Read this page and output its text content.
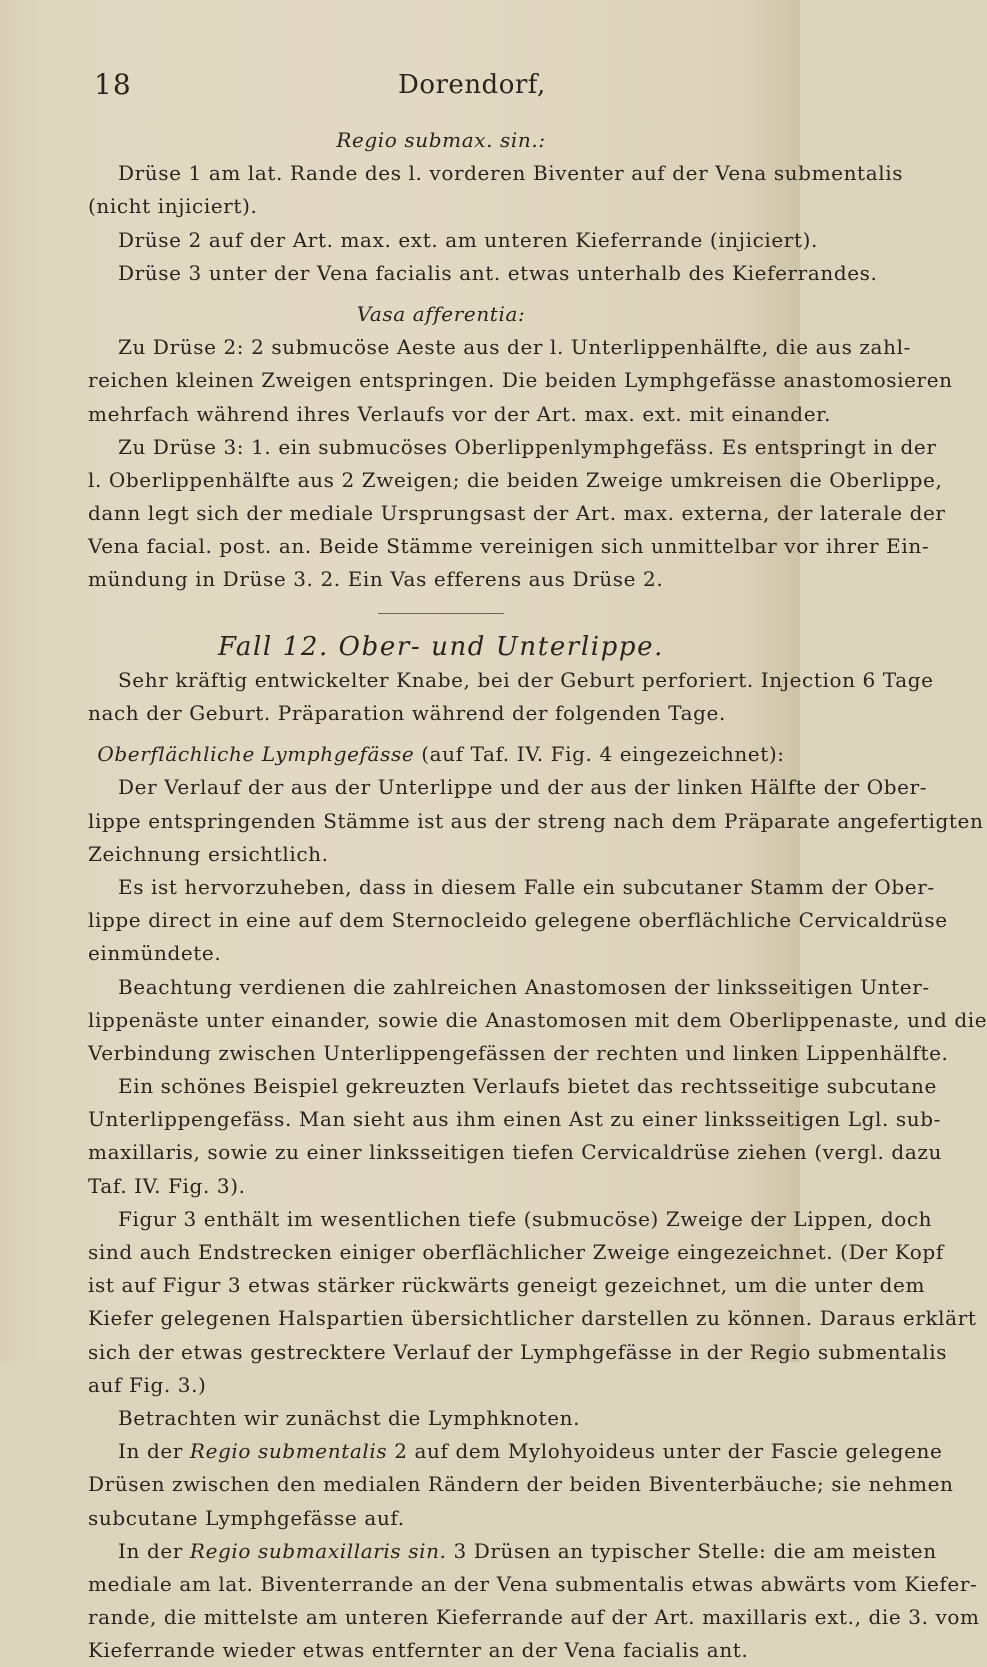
18	Dorendorf,
Regio submax. sin.:
Drüse 1 am lat. Rande des l. vorderen Biventer auf der Vena submentalis
(nicht injiciert).
Drüse 2 auf der Art. max. ext. am unteren Kieferrande (injiciert).
Drüse 3 unter der Vena facialis ant. etwas unterhalb des Kieferrandes.
Vasa afferentia:
Zu Drüse 2: 2 submucöse Aeste aus der l. Unterlippenhälfte, die aus zahl-
reichen kleinen Zweigen entspringen. Die beiden Lymphgefässe anastomosieren
mehrfach während ihres Verlaufs vor der Art. max. ext. mit einander.
Zu Drüse 3: 1. ein submucöses Oberlippenlymphgefäss. Es entspringt in der
l. Oberlippenhälfte aus 2 Zweigen; die beiden Zweige umkreisen die Oberlippe,
dann legt sich der mediale Ursprungsast der Art. max. externa, der laterale der
Vena facial. post. an. Beide Stämme vereinigen sich unmittelbar vor ihrer Ein-
mündung in Drüse 3. 2. Ein Vas efferens aus Drüse 2.
Fall 12. Ober- und Unterlippe.
Sehr kräftig entwickelter Knabe, bei der Geburt perforiert. Injection 6 Tage
nach der Geburt. Präparation während der folgenden Tage.
Oberflächliche Lymphgefässe (auf Taf. IV. Fig. 4 eingezeichnet):
Der Verlauf der aus der Unterlippe und der aus der linken Hälfte der Ober-
lippe entspringenden Stämme ist aus der streng nach dem Präparate angefertigten
Zeichnung ersichtlich.
Es ist hervorzuheben, dass in diesem Falle ein subcutaner Stamm der Ober-
lippe direct in eine auf dem Sternocleido gelegene oberflächliche Cervicaldrüse
einmündete.
Beachtung verdienen die zahlreichen Anastomosen der linksseitigen Unter-
lippenäste unter einander, sowie die Anastomosen mit dem Oberlippenaste, und die
Verbindung zwischen Unterlippengefässen der rechten und linken Lippenhälfte.
Ein schönes Beispiel gekreuzten Verlaufs bietet das rechtsseitige subcutane
Unterlippengefäss. Man sieht aus ihm einen Ast zu einer linksseitigen Lgl. sub-
maxillaris, sowie zu einer linksseitigen tiefen Cervicaldrüse ziehen (vergl. dazu
Taf. IV. Fig. 3).
Figur 3 enthält im wesentlichen tiefe (submucöse) Zweige der Lippen, doch
sind auch Endstrecken einiger oberflächlicher Zweige eingezeichnet. (Der Kopf
ist auf Figur 3 etwas stärker rückwärts geneigt gezeichnet, um die unter dem
Kiefer gelegenen Halspartien übersichtlicher darstellen zu können. Daraus erklärt
sich der etwas gestrecktere Verlauf der Lymphgefässe in der Regio submentalis
auf Fig. 3.)
Betrachten wir zunächst die Lymphknoten.
In der Regio submentalis 2 auf dem Mylohyoideus unter der Fascie gelegene
Drüsen zwischen den medialen Rändern der beiden Biventerbäuche; sie nehmen
subcutane Lymphgefässe auf.
In der Regio submaxillaris sin. 3 Drüsen an typischer Stelle: die am meisten
mediale am lat. Biventerrande an der Vena submentalis etwas abwärts vom Kiefer-
rande, die mittelste am unteren Kieferrande auf der Art. maxillaris ext., die 3. vom
Kieferrande wieder etwas entfernter an der Vena facialis ant.
